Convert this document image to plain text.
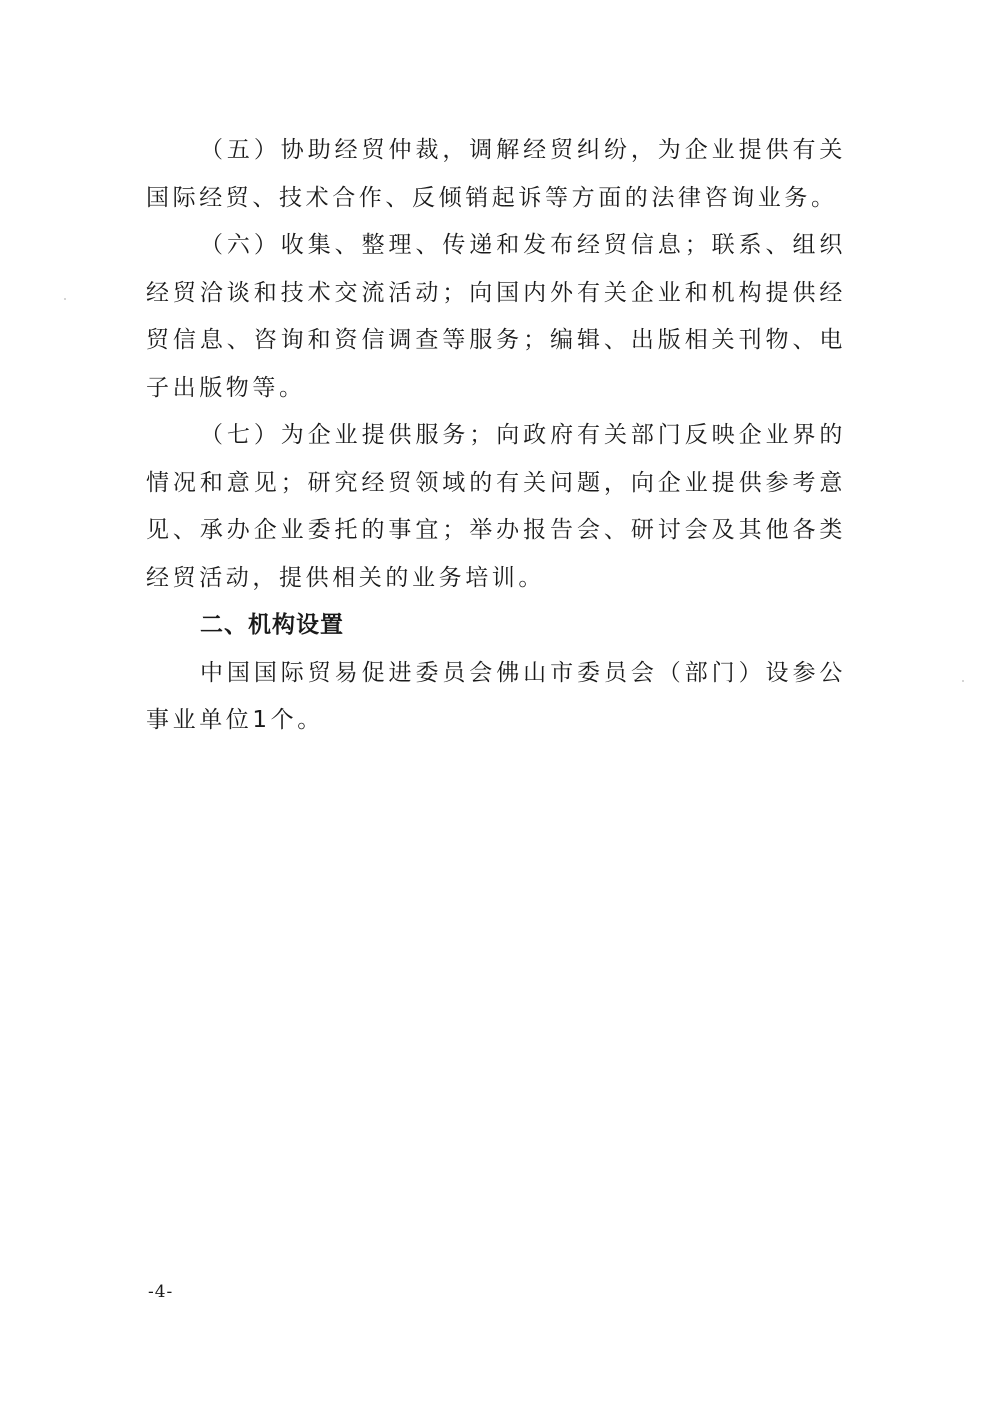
（五）协助经贸仲裁，调解经贸纠纷，为企业提供有关国际经贸、技术合作、反倾销起诉等方面的法律咨询业务。

（六）收集、整理、传递和发布经贸信息；联系、组织经贸洽谈和技术交流活动；向国内外有关企业和机构提供经贸信息、咨询和资信调查等服务；编辑、出版相关刊物、电子出版物等。

（七）为企业提供服务；向政府有关部门反映企业界的情况和意见；研究经贸领域的有关问题，向企业提供参考意见、承办企业委托的事宜；举办报告会、研讨会及其他各类经贸活动，提供相关的业务培训。

二、机构设置

中国国际贸易促进委员会佛山市委员会（部门）设参公事业单位1个。

-4-
